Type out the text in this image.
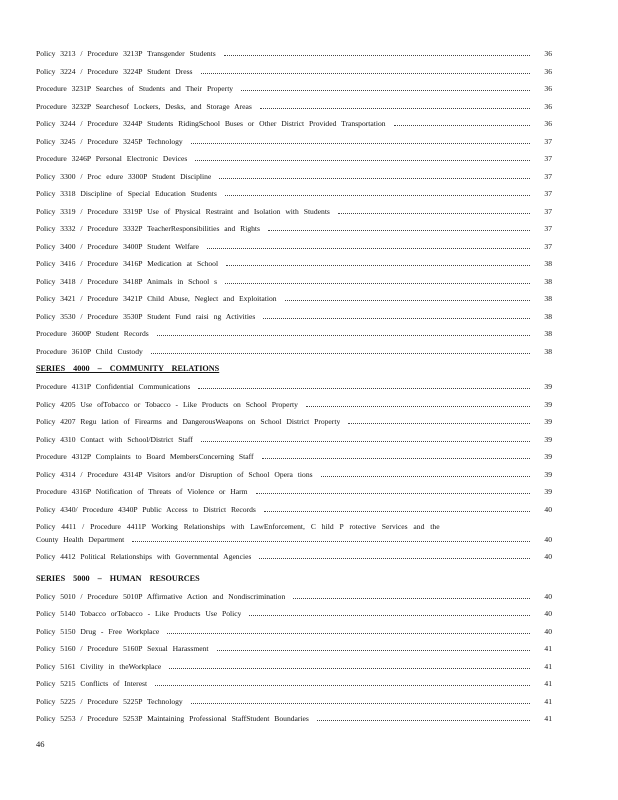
Policy 3213 / Procedure 3213P Transgender Students	36
Policy 3224 / Procedure 3224P Student Dress	36
Procedure 3231P Searches of Students and Their Property	36
Procedure 3232P Searchesof Lockers, Desks, and Storage Areas	36
Policy 3244 / Procedure 3244P Students RidingSchool Buses or Other District Provided Transportation	36
Policy 3245 / Procedure 3245P Technology	37
Procedure 3246P Personal Electronic Devices	37
Policy 3300 / Proc edure 3300P Student Discipline	37
Policy 3318 Discipline of Special Education Students	37
Policy 3319 / Procedure 3319P Use of Physical Restraint and Isolation with Students	37
Policy 3332 / Procedure 3332P TeacherResponsibilities and Rights	37
Policy 3400 / Procedure 3400P Student Welfare	37
Policy 3416 / Procedure 3416P Medication at School	38
Policy 3418 / Procedure 3418P Animals in School s	38
Policy 3421 / Procedure 3421P Child Abuse, Neglect and Exploitation	38
Policy 3530 / Procedure 3530P Student Fund raisi ng Activities	38
Procedure 3600P Student Records	38
Procedure 3610P Child Custody	38
SERIES 4000 – COMMUNITY RELATIONS
Procedure 4131P Confidential Communications	39
Policy 4205 Use ofTobacco or Tobacco - Like Products on School Property	39
Policy 4207 Regu lation of Firearms and DangerousWeapons on School District Property	39
Policy 4310 Contact with School/District Staff	39
Procedure 4312P Complaints to Board MembersConcerning Staff	39
Policy 4314 / Procedure 4314P Visitors and/or Disruption of School Opera tions	39
Procedure 4316P Notification of Threats of Violence or Harm	39
Policy 4340/ Procedure 4340P Public Access to District Records	40
Policy 4411 / Procedure 4411P Working Relationships with LawEnforcement, C hild P rotective Services and the
County Health Department	40
Policy 4412 Political Relationships with Governmental Agencies	40
SERIES 5000 – HUMAN RESOURCES
Policy 5010 / Procedure 5010P Affirmative Action and Nondiscrimination	40
Policy 5140 Tobacco orTobacco - Like Products Use Policy	40
Policy 5150 Drug - Free Workplace	40
Policy 5160 / Procedure 5160P Sexual Harassment	41
Policy 5161 Civility in theWorkplace	41
Policy 5215 Conflicts of Interest	41
Policy 5225 / Procedure 5225P Technology	41
Policy 5253 / Procedure 5253P Maintaining Professional StaffStudent Boundaries	41
46
